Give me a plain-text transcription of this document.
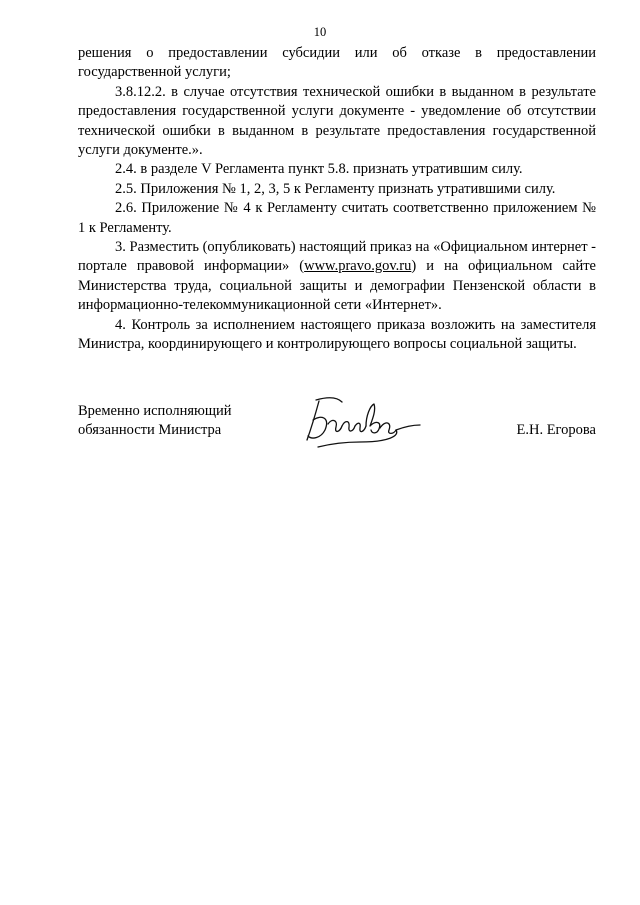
10

решения о предоставлении субсидии или об отказе в предоставлении государственной услуги;

3.8.12.2. в случае отсутствия технической ошибки в выданном в результате предоставления государственной услуги документе - уведомление об отсутствии технической ошибки в выданном в результате предоставления государственной услуги документе.».

2.4. в разделе V Регламента пункт 5.8. признать утратившим силу.

2.5. Приложения № 1, 2, 3, 5 к Регламенту признать утратившими силу.

2.6. Приложение № 4 к Регламенту считать соответственно приложением № 1 к Регламенту.

3. Разместить (опубликовать) настоящий приказ на «Официальном интернет - портале правовой информации» (www.pravo.gov.ru) и на официальном сайте Министерства труда, социальной защиты и демографии Пензенской области в информационно-телекоммуникационной сети «Интернет».

4. Контроль за исполнением настоящего приказа возложить на заместителя Министра, координирующего и контролирующего вопросы социальной защиты.

Временно исполняющий
обязанности Министра	Е.Н. Егорова
